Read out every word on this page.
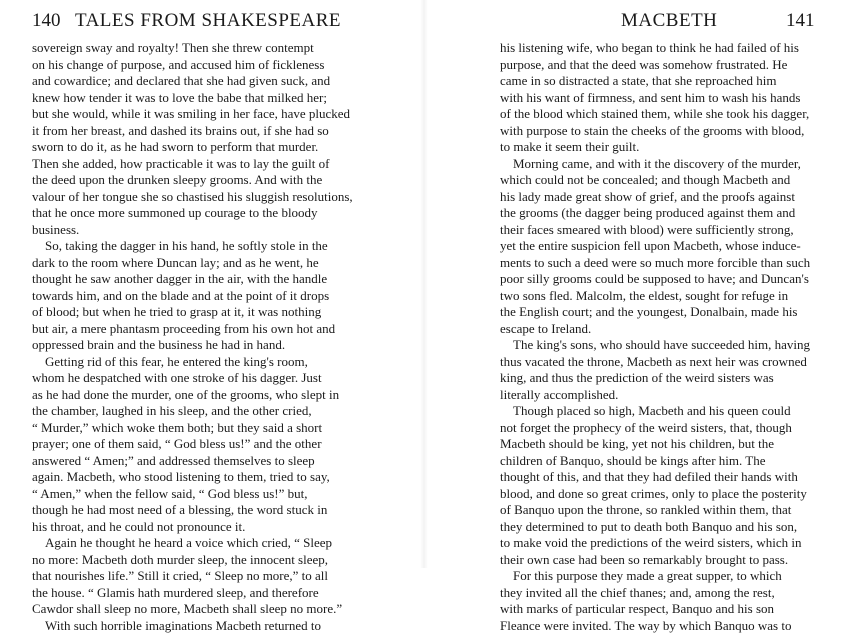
140 TALES FROM SHAKESPEARE
sovereign sway and royalty! Then she threw contempt
on his change of purpose, and accused him of fickleness
and cowardice; and declared that she had given suck, and
knew how tender it was to love the babe that milked her;
but she would, while it was smiling in her face, have plucked
it from her breast, and dashed its brains out, if she had so
sworn to do it, as he had sworn to perform that murder.
Then she added, how practicable it was to lay the guilt of
the deed upon the drunken sleepy grooms. And with the
valour of her tongue she so chastised his sluggish resolutions,
that he once more summoned up courage to the bloody
business.
So, taking the dagger in his hand, he softly stole in the
dark to the room where Duncan lay; and as he went, he
thought he saw another dagger in the air, with the handle
towards him, and on the blade and at the point of it drops
of blood; but when he tried to grasp at it, it was nothing
but air, a mere phantasm proceeding from his own hot and
oppressed brain and the business he had in hand.
Getting rid of this fear, he entered the king's room,
whom he despatched with one stroke of his dagger. Just
as he had done the murder, one of the grooms, who slept in
the chamber, laughed in his sleep, and the other cried,
“ Murder,” which woke them both; but they said a short
prayer; one of them said, “ God bless us!” and the other
answered “ Amen;” and addressed themselves to sleep
again. Macbeth, who stood listening to them, tried to say,
“ Amen,” when the fellow said, “ God bless us!” but,
though he had most need of a blessing, the word stuck in
his throat, and he could not pronounce it.
Again he thought he heard a voice which cried, “ Sleep
no more: Macbeth doth murder sleep, the innocent sleep,
that nourishes life.” Still it cried, “ Sleep no more,” to all
the house. “ Glamis hath murdered sleep, and therefore
Cawdor shall sleep no more, Macbeth shall sleep no more.”
With such horrible imaginations Macbeth returned to
MACBETH
his listening wife, who began to think he had failed of his
purpose, and that the deed was somehow frustrated. He
came in so distracted a state, that she reproached him
with his want of firmness, and sent him to wash his hands
of the blood which stained them, while she took his dagger,
with purpose to stain the cheeks of the grooms with blood,
to make it seem their guilt.
Morning came, and with it the discovery of the murder,
which could not be concealed; and though Macbeth and
his lady made great show of grief, and the proofs against
the grooms (the dagger being produced against them and
their faces smeared with blood) were sufficiently strong,
yet the entire suspicion fell upon Macbeth, whose induce-
ments to such a deed were so much more forcible than such
poor silly grooms could be supposed to have; and Duncan's
two sons fled. Malcolm, the eldest, sought for refuge in
the English court; and the youngest, Donalbain, made his
escape to Ireland.
The king's sons, who should have succeeded him, having
thus vacated the throne, Macbeth as next heir was crowned
king, and thus the prediction of the weird sisters was
literally accomplished.
Though placed so high, Macbeth and his queen could
not forget the prophecy of the weird sisters, that, though
Macbeth should be king, yet not his children, but the
children of Banquo, should be kings after him. The
thought of this, and that they had defiled their hands with
blood, and done so great crimes, only to place the posterity
of Banquo upon the throne, so rankled within them, that
they determined to put to death both Banquo and his son,
to make void the predictions of the weird sisters, which in
their own case had been so remarkably brought to pass.
For this purpose they made a great supper, to which
they invited all the chief thanes; and, among the rest,
with marks of particular respect, Banquo and his son
Fleance were invited. The way by which Banquo was to
141
